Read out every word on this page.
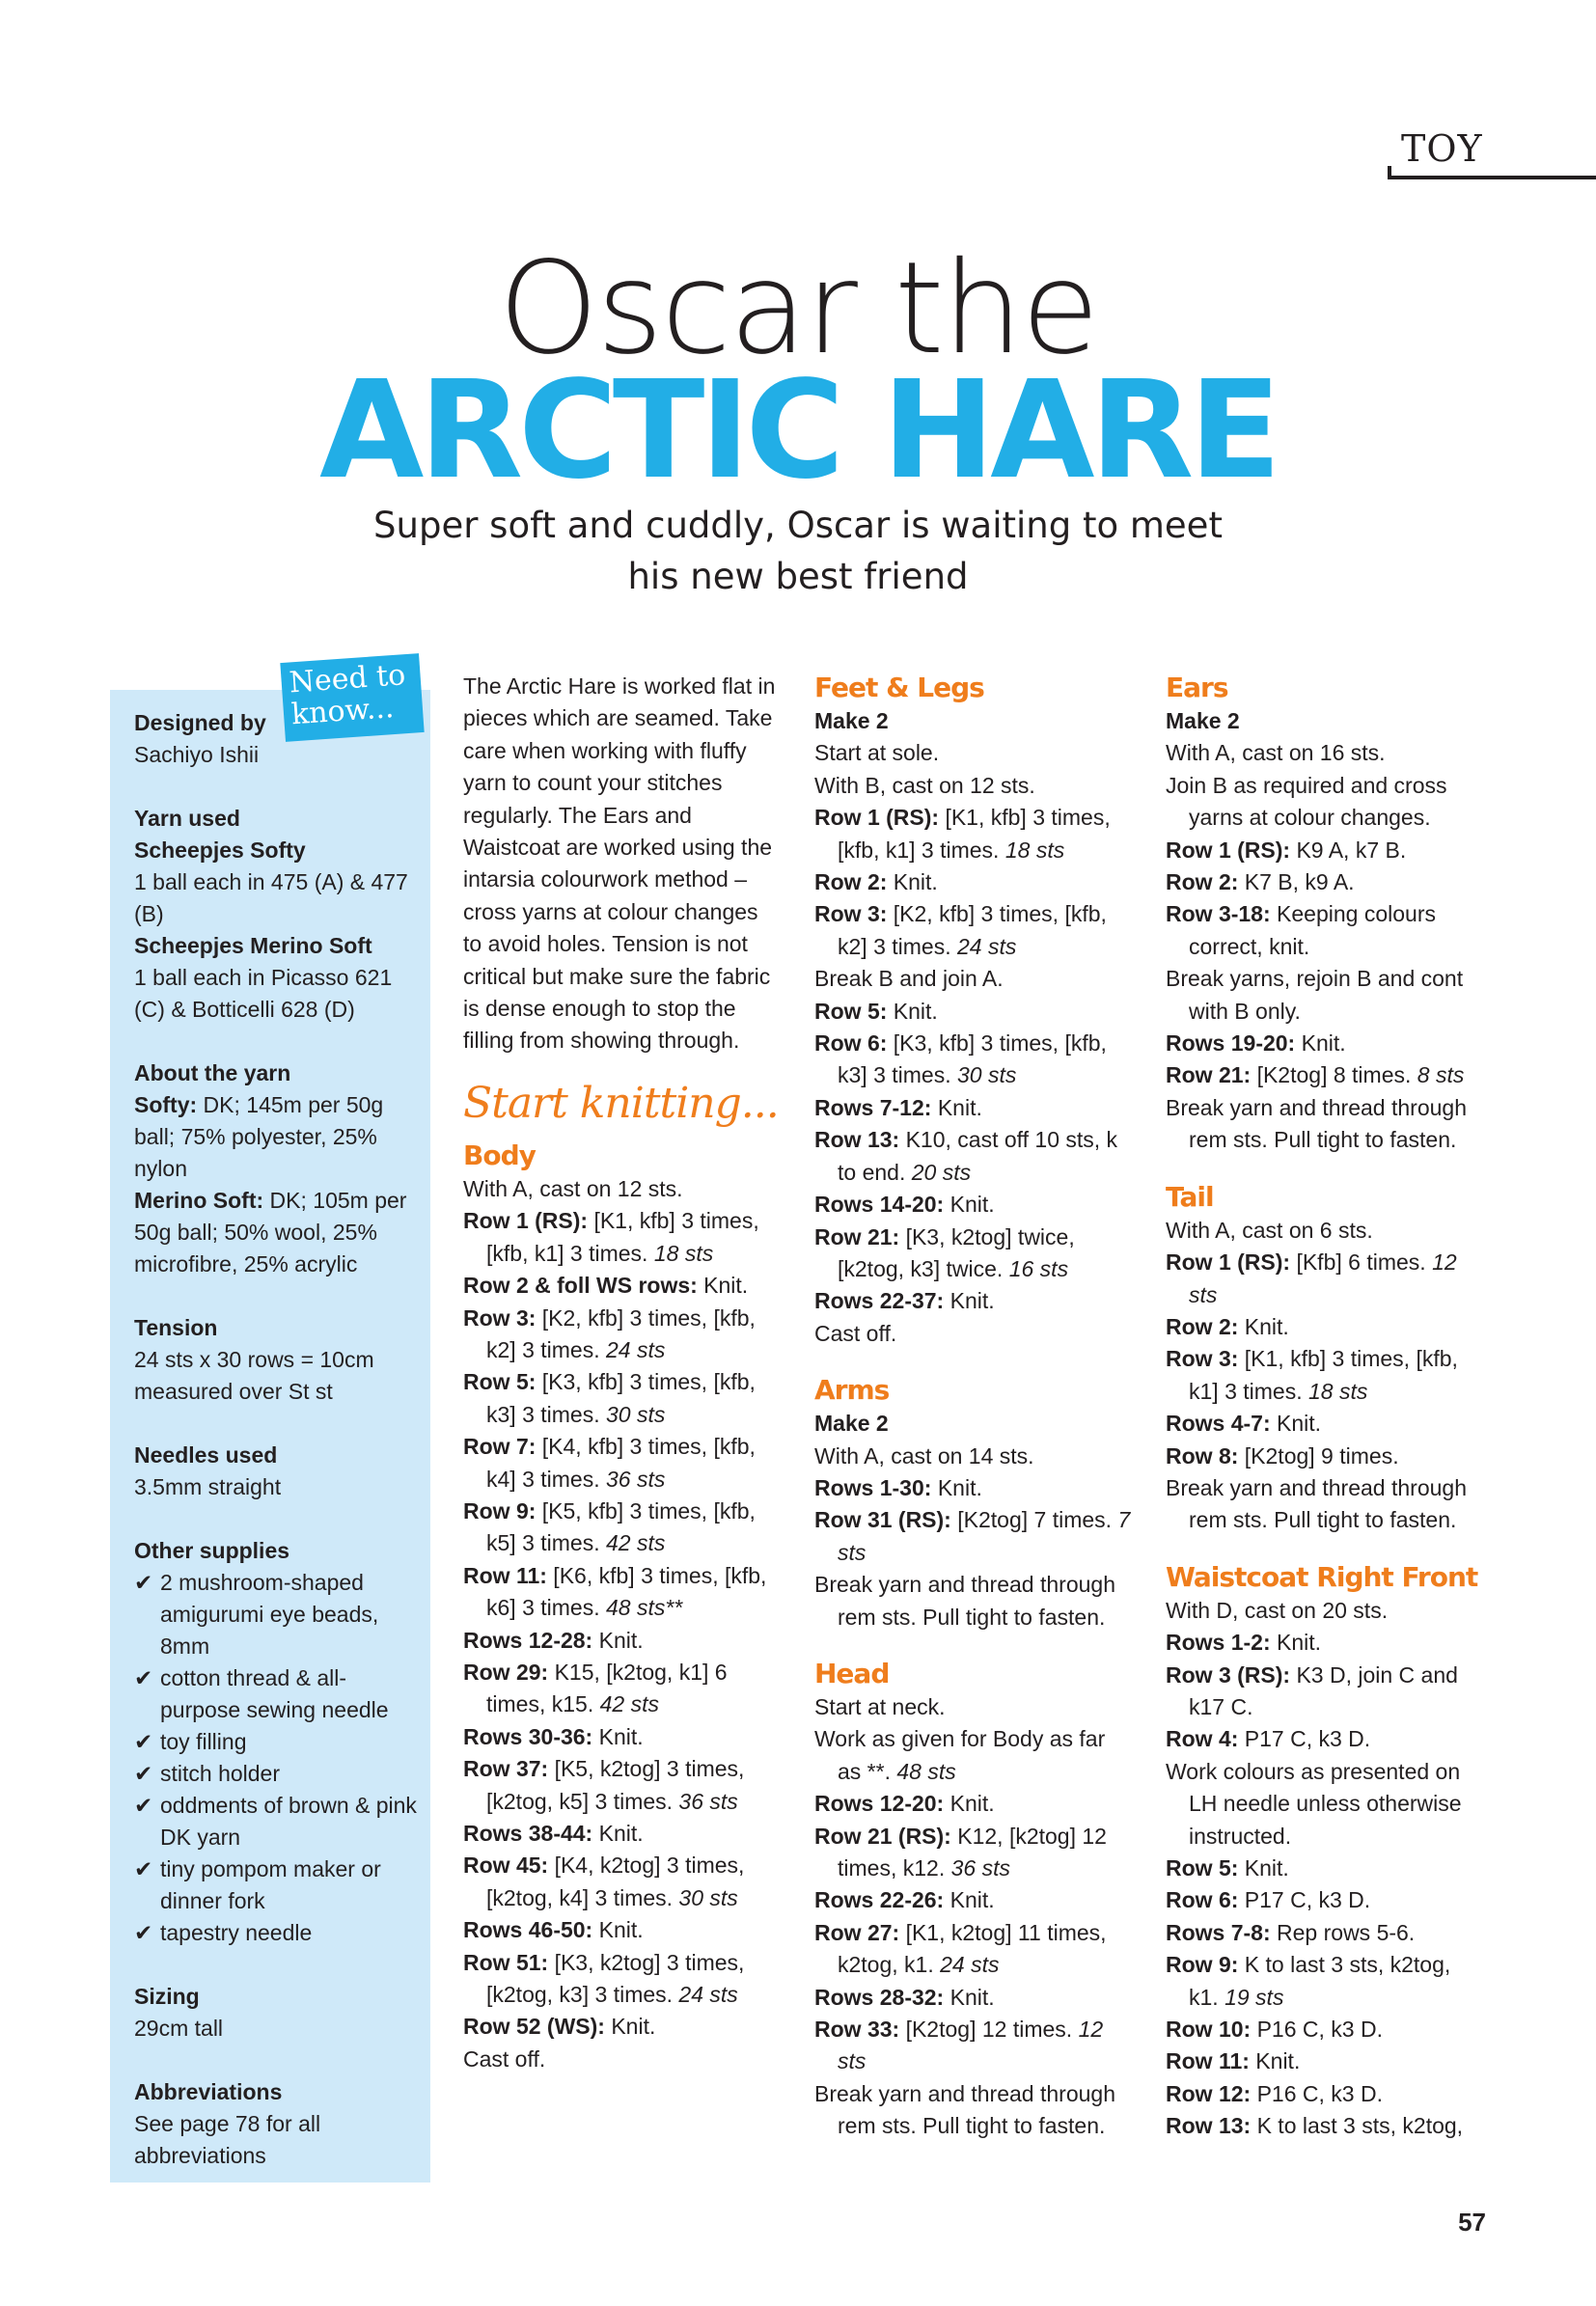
TOY
Oscar the
ARCTIC HARE
Super soft and cuddly, Oscar is waiting to meet
his new best friend
Need to
know...
Designed by
Sachiyo Ishii
Yarn used
Scheepjes Softy
1 ball each in 475 (A) & 477 (B)
Scheepjes Merino Soft
1 ball each in Picasso 621 (C) & Botticelli 628 (D)
About the yarn
Softy: DK; 145m per 50g ball; 75% polyester, 25% nylon
Merino Soft: DK; 105m per 50g ball; 50% wool, 25% microfibre, 25% acrylic
Tension
24 sts x 30 rows = 10cm measured over St st
Needles used
3.5mm straight
Other supplies
✔ 2 mushroom-shaped amigurumi eye beads, 8mm
✔ cotton thread & all-purpose sewing needle
✔ toy filling
✔ stitch holder
✔ oddments of brown & pink DK yarn
✔ tiny pompom maker or dinner fork
✔ tapestry needle
Sizing
29cm tall
Abbreviations
See page 78 for all abbreviations

The Arctic Hare is worked flat in pieces which are seamed. Take care when working with fluffy yarn to count your stitches regularly. The Ears and Waistcoat are worked using the intarsia colourwork method – cross yarns at colour changes to avoid holes. Tension is not critical but make sure the fabric is dense enough to stop the filling from showing through.

Start knitting...
Body

With A, cast on 12 sts.

Row 1 (RS): [K1, kfb] 3 times, [kfb, k1] 3 times. 18 sts

Row 2 & foll WS rows: Knit.

Row 3: [K2, kfb] 3 times, [kfb, k2] 3 times. 24 sts

Row 5: [K3, kfb] 3 times, [kfb, k3] 3 times. 30 sts

Row 7: [K4, kfb] 3 times, [kfb, k4] 3 times. 36 sts

Row 9: [K5, kfb] 3 times, [kfb, k5] 3 times. 42 sts

Row 11: [K6, kfb] 3 times, [kfb, k6] 3 times. 48 sts**

Rows 12-28: Knit.

Row 29: K15, [k2tog, k1] 6 times, k15. 42 sts

Rows 30-36: Knit.

Row 37: [K5, k2tog] 3 times, [k2tog, k5] 3 times. 36 sts

Rows 38-44: Knit.

Row 45: [K4, k2tog] 3 times, [k2tog, k4] 3 times. 30 sts

Rows 46-50: Knit.

Row 51: [K3, k2tog] 3 times, [k2tog, k3] 3 times. 24 sts

Row 52 (WS): Knit.

Cast off.

Feet & Legs

Make 2

Start at sole.

With B, cast on 12 sts.

Row 1 (RS): [K1, kfb] 3 times, [kfb, k1] 3 times. 18 sts

Row 2: Knit.

Row 3: [K2, kfb] 3 times, [kfb, k2] 3 times. 24 sts

Break B and join A.

Row 5: Knit.

Row 6: [K3, kfb] 3 times, [kfb, k3] 3 times. 30 sts

Rows 7-12: Knit.

Row 13: K10, cast off 10 sts, k to end. 20 sts

Rows 14-20: Knit.

Row 21: [K3, k2tog] twice, [k2tog, k3] twice. 16 sts

Rows 22-37: Knit.

Cast off.

Arms

Make 2

With A, cast on 14 sts.

Rows 1-30: Knit.

Row 31 (RS): [K2tog] 7 times. 7 sts

Break yarn and thread through rem sts. Pull tight to fasten.

Head

Start at neck.

Work as given for Body as far as **. 48 sts

Rows 12-20: Knit.

Row 21 (RS): K12, [k2tog] 12 times, k12. 36 sts

Rows 22-26: Knit.

Row 27: [K1, k2tog] 11 times, k2tog, k1. 24 sts

Rows 28-32: Knit.

Row 33: [K2tog] 12 times. 12 sts

Break yarn and thread through rem sts. Pull tight to fasten.

Ears

Make 2

With A, cast on 16 sts.

Join B as required and cross yarns at colour changes.

Row 1 (RS): K9 A, k7 B.

Row 2: K7 B, k9 A.

Row 3-18: Keeping colours correct, knit.

Break yarns, rejoin B and cont with B only.

Rows 19-20: Knit.

Row 21: [K2tog] 8 times. 8 sts

Break yarn and thread through rem sts. Pull tight to fasten.

Tail

With A, cast on 6 sts.

Row 1 (RS): [Kfb] 6 times. 12 sts

Row 2: Knit.

Row 3: [K1, kfb] 3 times, [kfb, k1] 3 times. 18 sts

Rows 4-7: Knit.

Row 8: [K2tog] 9 times.

Break yarn and thread through rem sts. Pull tight to fasten.

Waistcoat Right Front

With D, cast on 20 sts.

Rows 1-2: Knit.

Row 3 (RS): K3 D, join C and k17 C.

Row 4: P17 C, k3 D.

Work colours as presented on LH needle unless otherwise instructed.

Row 5: Knit.

Row 6: P17 C, k3 D.

Rows 7-8: Rep rows 5-6.

Row 9: K to last 3 sts, k2tog, k1. 19 sts

Row 10: P16 C, k3 D.

Row 11: Knit.

Row 12: P16 C, k3 D.

Row 13: K to last 3 sts, k2tog,

57
